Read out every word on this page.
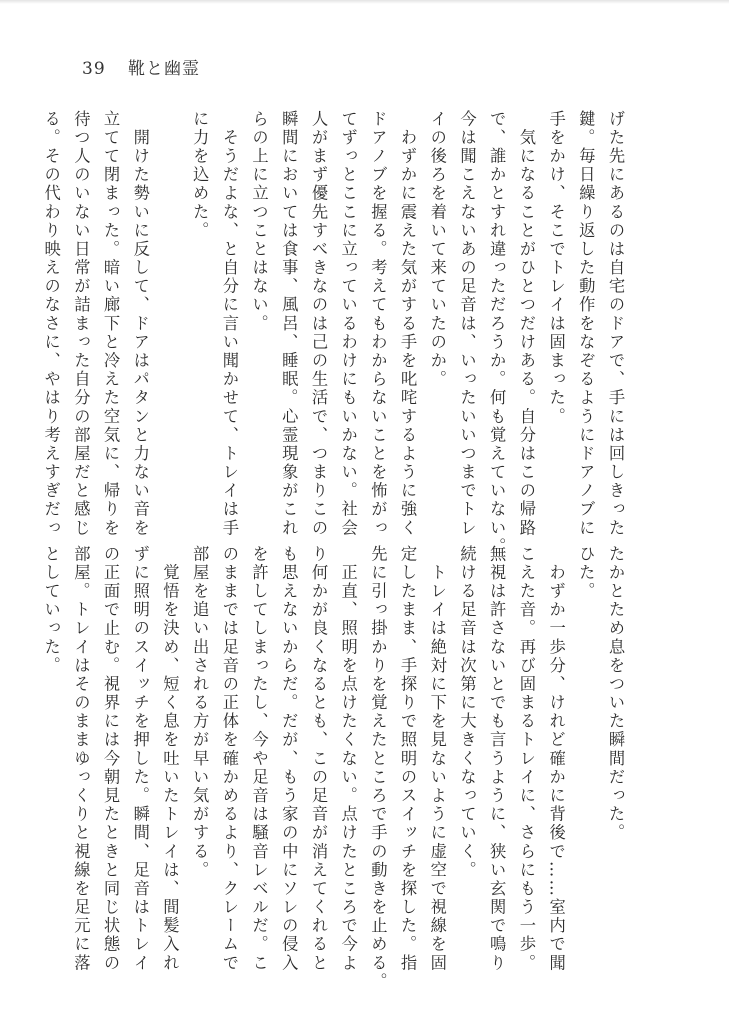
39 靴と幽霊
げた先にあるのは自宅のドアで、手には回しきった
鍵。毎日繰り返した動作をなぞるようにドアノブに
手をかけ、そこでトレイは固まった。
　気になることがひとつだけある。自分はこの帰路
で、誰かとすれ違っただろうか。何も覚えていない。
今は聞こえないあの足音は、いったいいつまでトレ
イの後ろを着いて来ていたのか。
　わずかに震えた気がする手を叱咤するように強く
ドアノブを握る。考えてもわからないことを怖がっ
てずっとここに立っているわけにもいかない。社会
人がまず優先すべきなのは己の生活で、つまりこの
瞬間においては食事、風呂、睡眠。心霊現象がこれ
らの上に立つことはない。
　そうだよな、と自分に言い聞かせて、トレイは手
に力を込めた。
　開けた勢いに反して、ドアはパタンと力ない音を
立てて閉まった。暗い廊下と冷えた空気に、帰りを
待つ人のいない日常が詰まった自分の部屋だと感じ
る。その代わり映えのなさに、やはり考えすぎだっ
たかとため息をついた瞬間だった。
ひた。
　わずか一歩分、けれど確かに背後で……室内で聞
こえた音。再び固まるトレイに、さらにもう一歩。
無視は許さないとでも言うように、狭い玄関で鳴り
続ける足音は次第に大きくなっていく。
　トレイは絶対に下を見ないように虚空で視線を固
定したまま、手探りで照明のスイッチを探した。指
先に引っ掛かりを覚えたところで手の動きを止める。
　正直、照明を点けたくない。点けたところで今よ
り何かが良くなるとも、この足音が消えてくれると
も思えないからだ。だが、もう家の中にソレの侵入
を許してしまったし、今や足音は騒音レベルだ。こ
のままでは足音の正体を確かめるより、クレームで
部屋を追い出される方が早い気がする。
　覚悟を決め、短く息を吐いたトレイは、間髪入れ
ずに照明のスイッチを押した。瞬間、足音はトレイ
の正面で止む。視界には今朝見たときと同じ状態の
部屋。トレイはそのままゆっくりと視線を足元に落
としていった。
